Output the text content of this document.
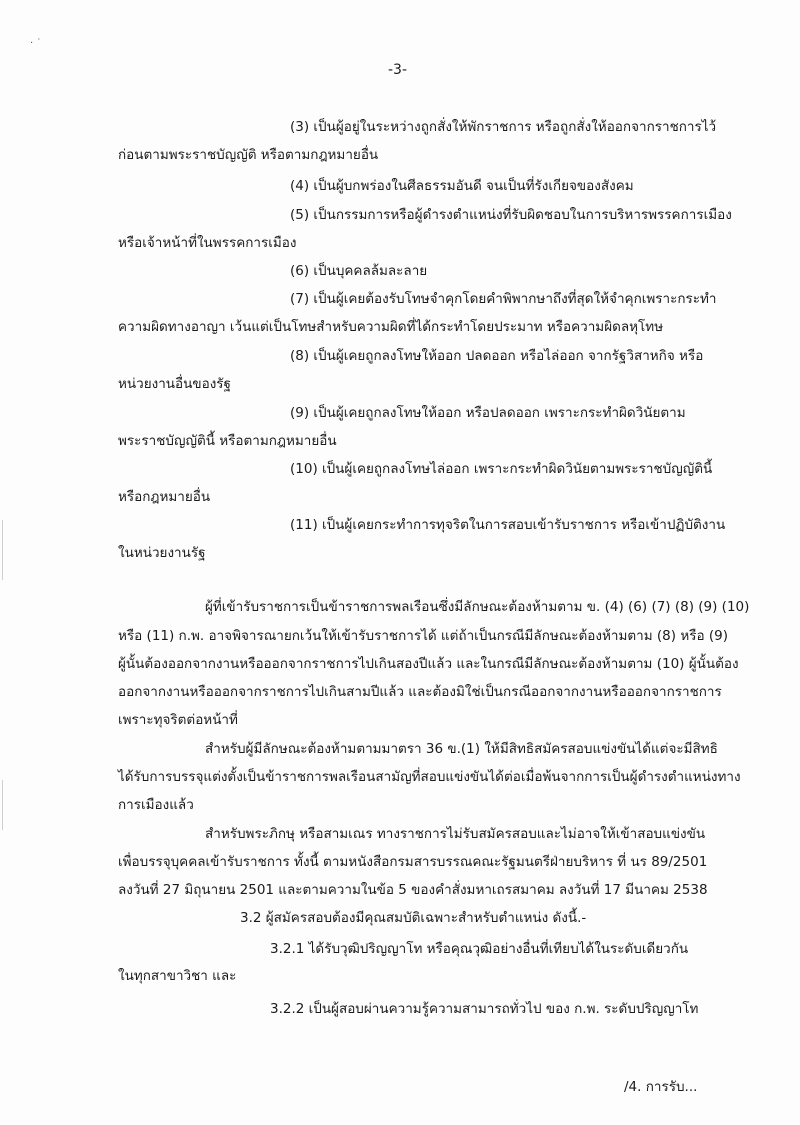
· ˙
-3-
(3) เป็นผู้อยู่ในระหว่างถูกสั่งให้พักราชการ หรือถูกสั่งให้ออกจากราชการไว้
ก่อนตามพระราชบัญญัติ หรือตามกฎหมายอื่น
(4) เป็นผู้บกพร่องในศีลธรรมอันดี จนเป็นที่รังเกียจของสังคม
(5) เป็นกรรมการหรือผู้ดำรงตำแหน่งที่รับผิดชอบในการบริหารพรรคการเมือง
หรือเจ้าหน้าที่ในพรรคการเมือง
(6) เป็นบุคคลล้มละลาย
(7) เป็นผู้เคยต้องรับโทษจำคุกโดยคำพิพากษาถึงที่สุดให้จำคุกเพราะกระทำ
ความผิดทางอาญา เว้นแต่เป็นโทษสำหรับความผิดที่ได้กระทำโดยประมาท หรือความผิดลหุโทษ
(8) เป็นผู้เคยถูกลงโทษให้ออก ปลดออก หรือไล่ออก จากรัฐวิสาหกิจ หรือ
หน่วยงานอื่นของรัฐ
(9) เป็นผู้เคยถูกลงโทษให้ออก หรือปลดออก เพราะกระทำผิดวินัยตาม
พระราชบัญญัตินี้ หรือตามกฎหมายอื่น
(10) เป็นผู้เคยถูกลงโทษไล่ออก เพราะกระทำผิดวินัยตามพระราชบัญญัตินี้
หรือกฎหมายอื่น
(11) เป็นผู้เคยกระทำการทุจริตในการสอบเข้ารับราชการ หรือเข้าปฏิบัติงาน
ในหน่วยงานรัฐ
ผู้ที่เข้ารับราชการเป็นข้าราชการพลเรือนซึ่งมีลักษณะต้องห้ามตาม ข. (4) (6) (7) (8) (9) (10)
หรือ (11) ก.พ. อาจพิจารณายกเว้นให้เข้ารับราชการได้ แต่ถ้าเป็นกรณีมีลักษณะต้องห้ามตาม (8) หรือ (9)
ผู้นั้นต้องออกจากงานหรือออกจากราชการไปเกินสองปีแล้ว และในกรณีมีลักษณะต้องห้ามตาม (10) ผู้นั้นต้อง
ออกจากงานหรือออกจากราชการไปเกินสามปีแล้ว และต้องมิใช่เป็นกรณีออกจากงานหรือออกจากราชการ
เพราะทุจริตต่อหน้าที่
สำหรับผู้มีลักษณะต้องห้ามตามมาตรา 36 ข.(1) ให้มีสิทธิสมัครสอบแข่งขันได้แต่จะมีสิทธิ
ได้รับการบรรจุแต่งตั้งเป็นข้าราชการพลเรือนสามัญที่สอบแข่งขันได้ต่อเมื่อพ้นจากการเป็นผู้ดำรงตำแหน่งทาง
การเมืองแล้ว
สำหรับพระภิกษุ หรือสามเณร ทางราชการไม่รับสมัครสอบและไม่อาจให้เข้าสอบแข่งขัน
เพื่อบรรจุบุคคลเข้ารับราชการ ทั้งนี้ ตามหนังสือกรมสารบรรณคณะรัฐมนตรีฝ่ายบริหาร ที่ นร 89/2501
ลงวันที่ 27 มิถุนายน 2501 และตามความในข้อ 5 ของคำสั่งมหาเถรสมาคม ลงวันที่ 17 มีนาคม 2538
3.2 ผู้สมัครสอบต้องมีคุณสมบัติเฉพาะสำหรับตำแหน่ง ดังนี้.-
3.2.1 ได้รับวุฒิปริญญาโท หรือคุณวุฒิอย่างอื่นที่เทียบได้ในระดับเดียวกัน
ในทุกสาขาวิชา และ
3.2.2 เป็นผู้สอบผ่านความรู้ความสามารถทั่วไป ของ ก.พ. ระดับปริญญาโท
/4. การรับ...
